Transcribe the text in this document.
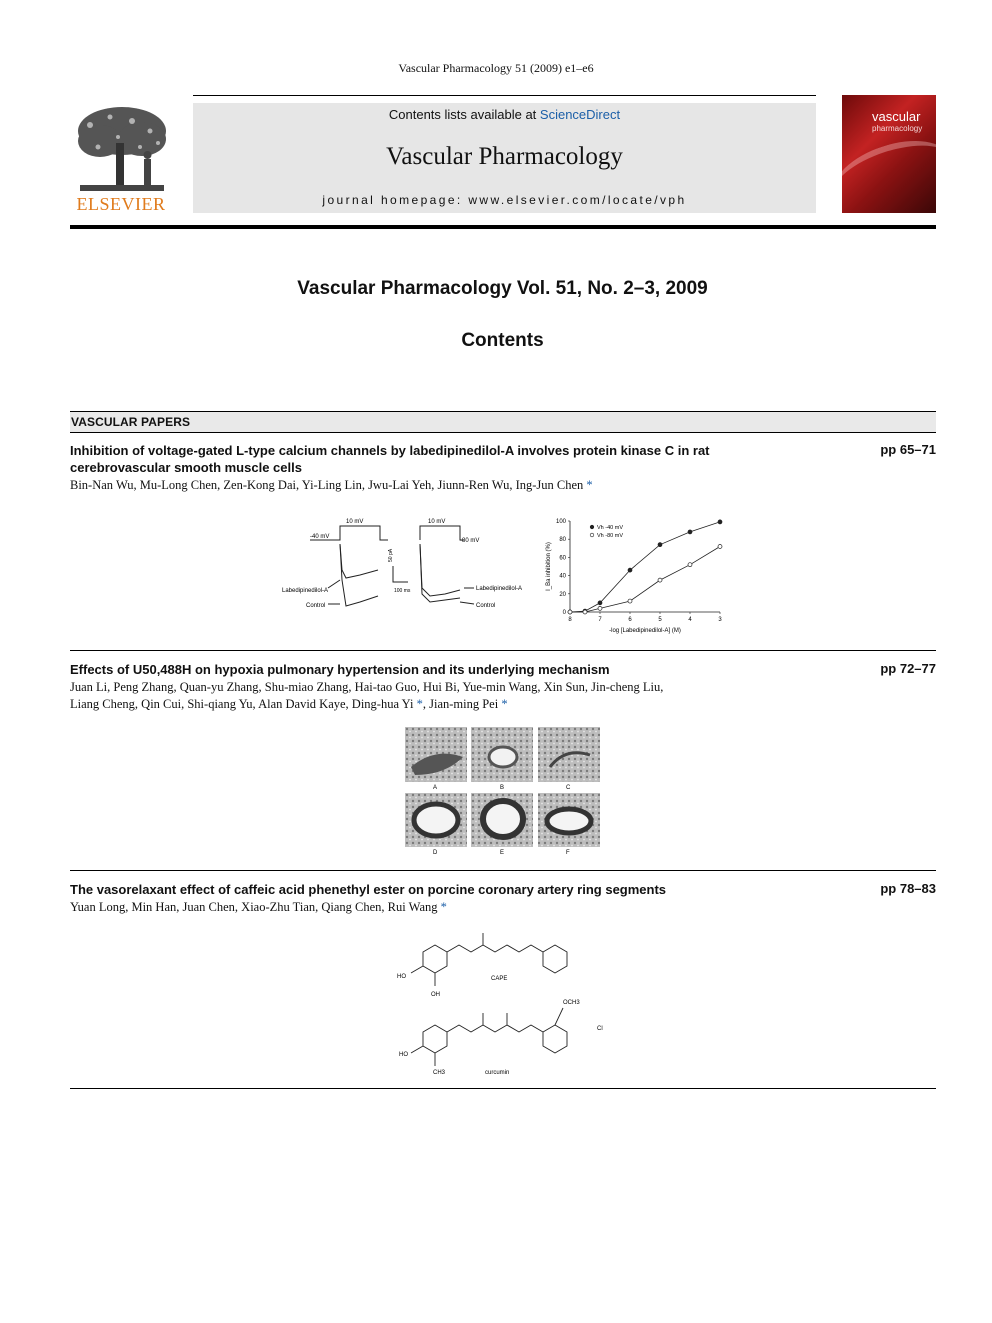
Vascular Pharmacology 51 (2009) e1–e6
ELSEVIER
Contents lists available at ScienceDirect
Vascular Pharmacology
journal homepage: www.elsevier.com/locate/vph
vascular
pharmacology
Vascular Pharmacology Vol. 51, No. 2–3, 2009
Contents
VASCULAR PAPERS
Inhibition of voltage-gated L-type calcium channels by labedipinedilol-A involves protein kinase C in rat cerebrovascular smooth muscle cells
pp 65–71
Bin-Nan Wu, Mu-Long Chen, Zen-Kong Dai, Yi-Ling Lin, Jwu-Lai Yeh, Jiunn-Ren Wu, Ing-Jun Chen *
10 mV	10 mV
-40 mV
-80 mV
Labedipinedilol-A
Control
Labedipinedilol-A
Control
50 pA
100 ms
8	7	6	5	4	3
0
20
40
60
80
100
-log [Labedipinedilol-A] (M)
I_Ba inhibition (%)
Vh -40 mV
Vh -80 mV
Effects of U50,488H on hypoxia pulmonary hypertension and its underlying mechanism	pp 72–77
Juan Li, Peng Zhang, Quan-yu Zhang, Shu-miao Zhang, Hai-tao Guo, Hui Bi, Yue-min Wang, Xin Sun, Jin-cheng Liu,
Liang Cheng, Qin Cui, Shi-qiang Yu, Alan David Kaye, Ding-hua Yi *, Jian-ming Pei *
A	B	C
D	E	F
The vasorelaxant effect of caffeic acid phenethyl ester on porcine coronary artery ring segments	pp 78–83
Yuan Long, Min Han, Juan Chen, Xiao-Zhu Tian, Qiang Chen, Rui Wang *
HO
OH
CAPE
OCH3
HO
CH3
Cl
curcumin
